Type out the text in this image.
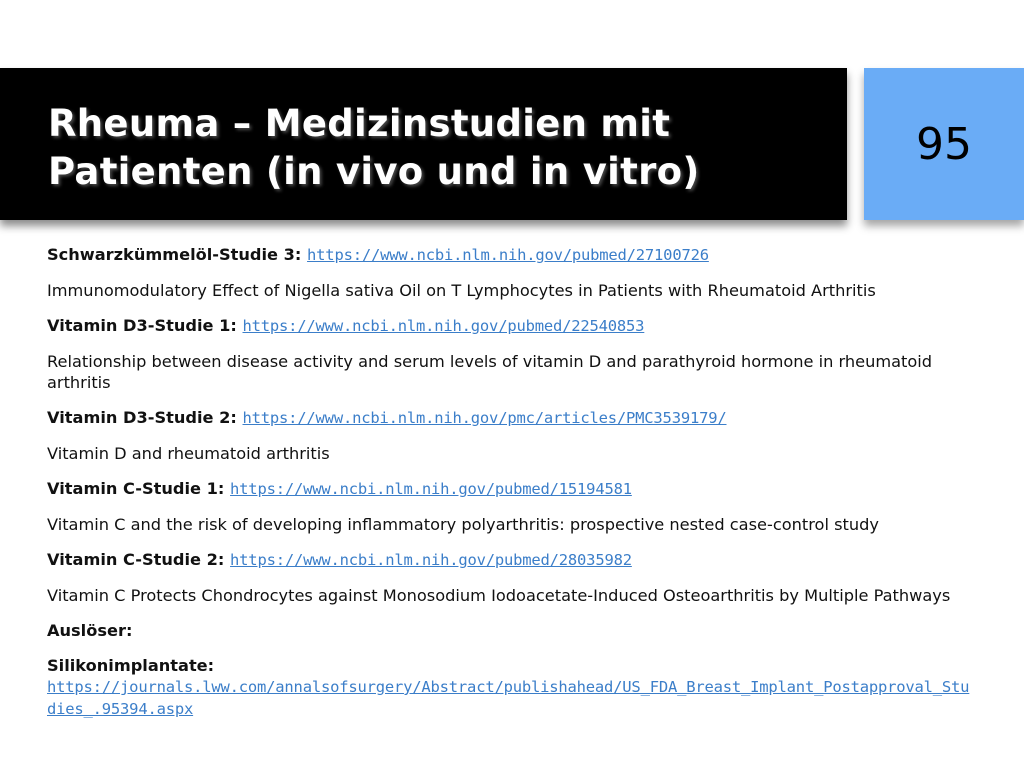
Rheuma – Medizinstudien mit
Patienten (in vivo und in vitro)
95
Schwarzkümmelöl-Studie 3: https://www.ncbi.nlm.nih.gov/pubmed/27100726
Immunomodulatory Effect of Nigella sativa Oil on T Lymphocytes in Patients with Rheumatoid Arthritis
Vitamin D3-Studie 1: https://www.ncbi.nlm.nih.gov/pubmed/22540853
Relationship between disease activity and serum levels of vitamin D and parathyroid hormone in rheumatoid arthritis
Vitamin D3-Studie 2: https://www.ncbi.nlm.nih.gov/pmc/articles/PMC3539179/
Vitamin D and rheumatoid arthritis
Vitamin C-Studie 1: https://www.ncbi.nlm.nih.gov/pubmed/15194581
Vitamin C and the risk of developing inflammatory polyarthritis: prospective nested case-control study
Vitamin C-Studie 2: https://www.ncbi.nlm.nih.gov/pubmed/28035982
Vitamin C Protects Chondrocytes against Monosodium Iodoacetate-Induced Osteoarthritis by Multiple Pathways
Auslöser:
Silikonimplantate:
https://journals.lww.com/annalsofsurgery/Abstract/publishahead/US_FDA_Breast_Implant_Postapproval_Studies_.95394.aspx
